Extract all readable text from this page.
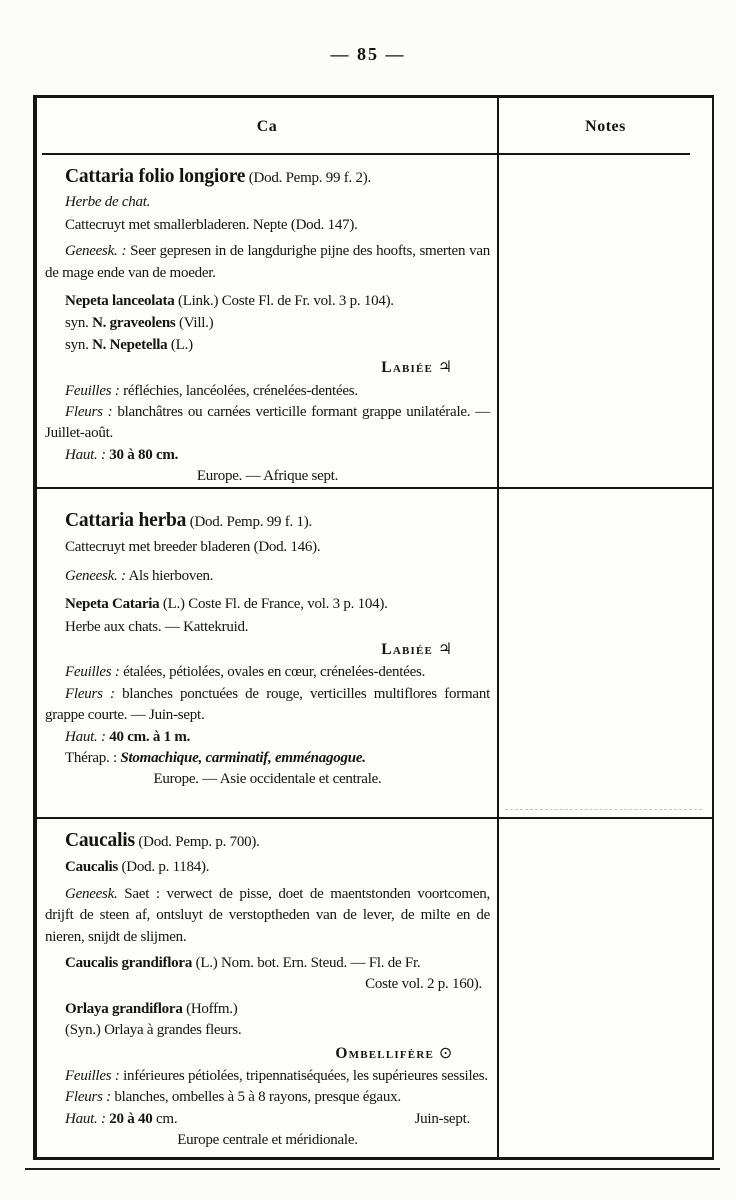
— 85 —
Ca	Notes
Cattaria folio longiore (Dod. Pemp. 99 f. 2).
Herbe de chat.
Cattecruyt met smallerbladeren. Nepte (Dod. 147).
Geneesk. : Seer gepresen in de langdurighe pijne des hoofts, smerten van de mage ende van de moeder.
Nepeta lanceolata (Link.) Coste Fl. de Fr. vol. 3 p. 104).
syn. N. graveolens (Vill.)
syn. N. Nepetella (L.)
Labiée ♃
Feuilles : réfléchies, lancéolées, crénelées-dentées.
Fleurs : blanchâtres ou carnées verticille formant grappe unilatérale. — Juillet-août.
Haut. : 30 à 80 cm.
Europe. — Afrique sept.
Cattaria herba (Dod. Pemp. 99 f. 1).
Cattecruyt met breeder bladeren (Dod. 146).
Geneesk. : Als hierboven.
Nepeta Cataria (L.) Coste Fl. de France, vol. 3 p. 104).
Herbe aux chats. — Kattekruid.
Labiée ♃
Feuilles : étalées, pétiolées, ovales en cœur, crénelées-dentées.
Fleurs : blanches ponctuées de rouge, verticilles multiflores formant grappe courte. — Juin-sept.
Haut. : 40 cm. à 1 m.
Thérap. : Stomachique, carminatif, emménagogue.
Europe. — Asie occidentale et centrale.
Caucalis (Dod. Pemp. p. 700).
Caucalis (Dod. p. 1184).
Geneesk. Saet : verwect de pisse, doet de maentstonden voortcomen, drijft de steen af, ontsluyt de verstoptheden van de lever, de milte en de nieren, snijdt de slijmen.
Caucalis grandiflora (L.) Nom. bot. Ern. Steud. — Fl. de Fr.
Coste vol. 2 p. 160).
Orlaya grandiflora (Hoffm.)
(Syn.) Orlaya à grandes fleurs.
Ombellifère ⊙
Feuilles : inférieures pétiolées, tripennatiséquées, les supérieures sessiles.
Fleurs : blanches, ombelles à 5 à 8 rayons, presque égaux.
Haut. : 20 à 40 cm.	Juin-sept.
Europe centrale et méridionale.
